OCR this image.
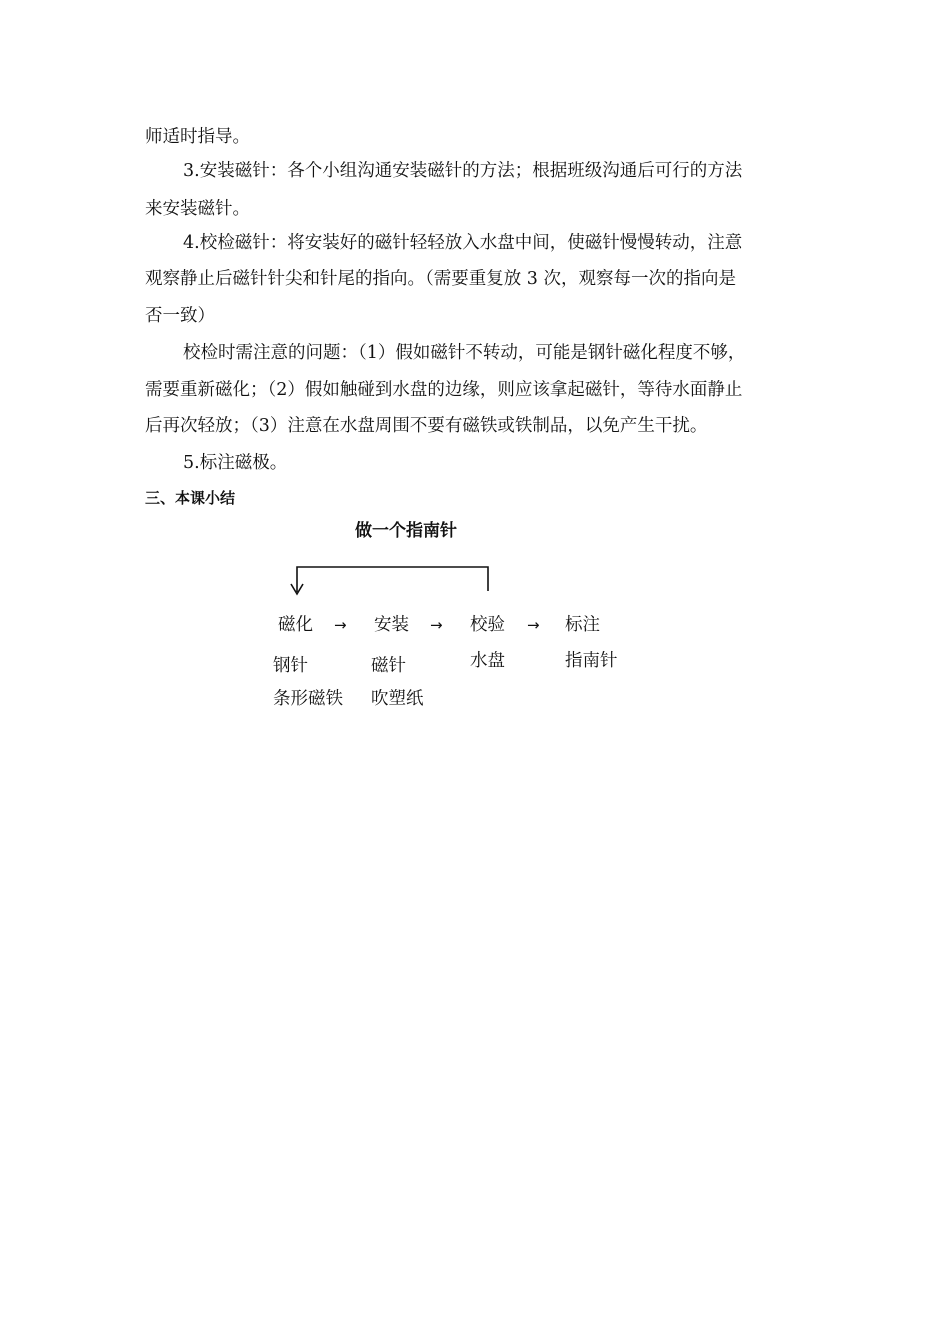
师适时指导。
3.安装磁针：各个小组沟通安装磁针的方法；根据班级沟通后可行的方法
来安装磁针。
4.校检磁针：将安装好的磁针轻轻放入水盘中间，使磁针慢慢转动，注意
观察静止后磁针针尖和针尾的指向。（需要重复放 3 次，观察每一次的指向是
否一致）
校检时需注意的问题：（1）假如磁针不转动，可能是钢针磁化程度不够，
需要重新磁化；（2）假如触碰到水盘的边缘，则应该拿起磁针，等待水面静止
后再次轻放；（3）注意在水盘周围不要有磁铁或铁制品，以免产生干扰。
5.标注磁极。
三、本课小结
做一个指南针
磁化 → 安装 → 校验 → 标注
钢针
条形磁铁
磁针
吹塑纸
水盘	指南针
